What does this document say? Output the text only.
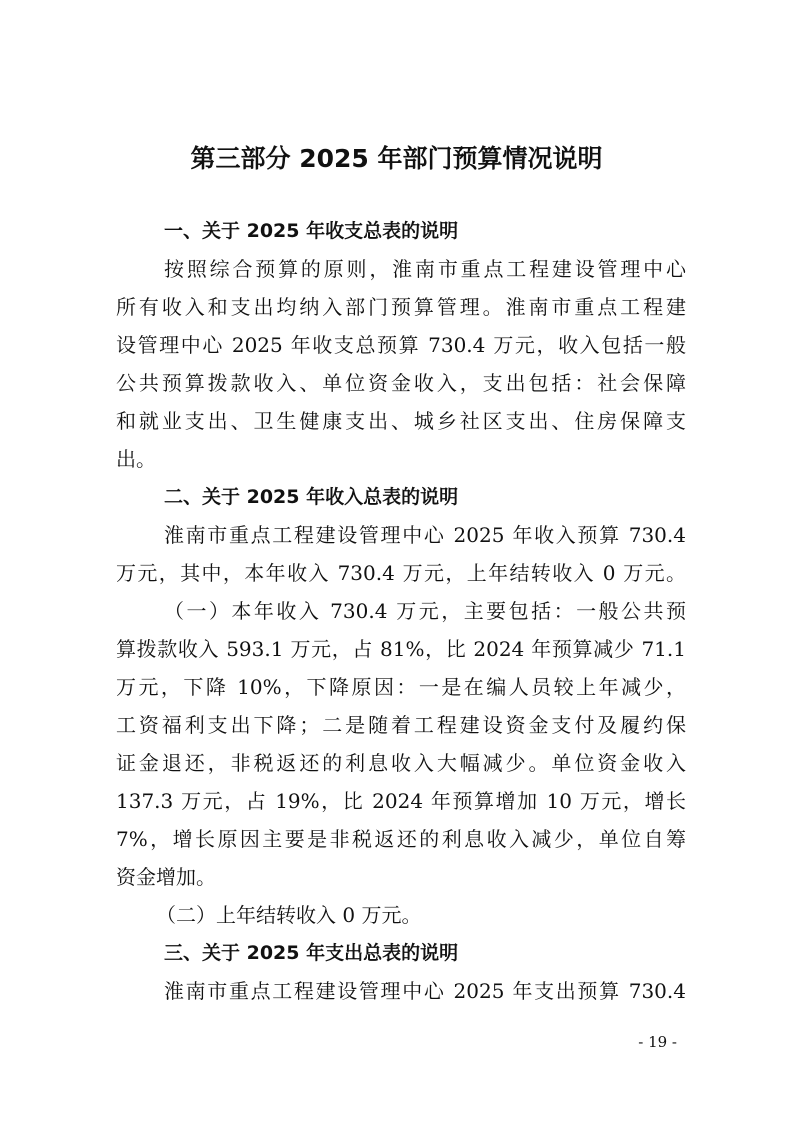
第三部分 2025 年部门预算情况说明
一、关于 2025 年收支总表的说明
按照综合预算的原则，淮南市重点工程建设管理中心
所有收入和支出均纳入部门预算管理。淮南市重点工程建
设管理中心 2025 年收支总预算 730.4 万元，收入包括一般
公共预算拨款收入、单位资金收入，支出包括：社会保障
和就业支出、卫生健康支出、城乡社区支出、住房保障支
出。
二、关于 2025 年收入总表的说明
淮南市重点工程建设管理中心 2025 年收入预算 730.4
万元，其中，本年收入 730.4 万元，上年结转收入 0 万元。
（一）本年收入 730.4 万元，主要包括：一般公共预
算拨款收入 593.1 万元，占 81%，比 2024 年预算减少 71.1
万元，下降 10%，下降原因：一是在编人员较上年减少，
工资福利支出下降；二是随着工程建设资金支付及履约保
证金退还，非税返还的利息收入大幅减少。单位资金收入
137.3 万元，占 19%，比 2024 年预算增加 10 万元，增长
7%，增长原因主要是非税返还的利息收入减少，单位自筹
资金增加。
（二）上年结转收入 0 万元。
三、关于 2025 年支出总表的说明
淮南市重点工程建设管理中心 2025 年支出预算 730.4
- 19 -
